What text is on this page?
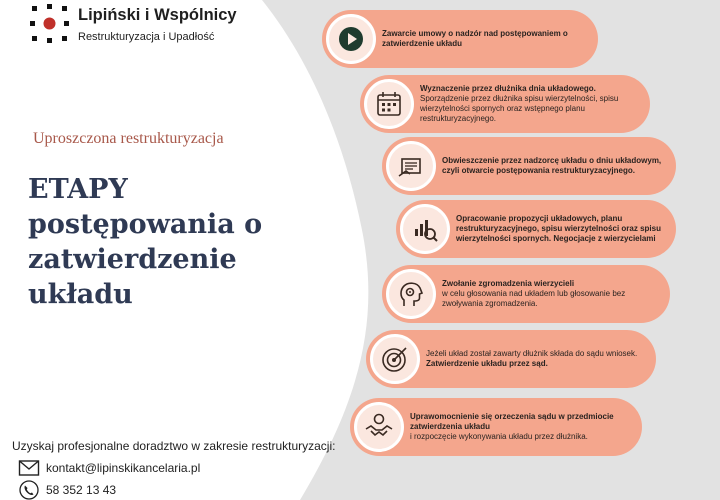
Lipiński i Wspólnicy
Restrukturyzacja i Upadłość
Uproszczona restrukturyzacja
ETAPY
postępowania o
zatwierdzenie
układu
Uzyskaj profesjonalne doradztwo w zakresie restrukturyzacji:
kontakt@lipinskikancelaria.pl
58 352 13 43
Zawarcie umowy o nadzór nad postępowaniem o zatwierdzenie układu
Wyznaczenie przez dłużnika dnia układowego.
Sporządzenie przez dłużnika spisu wierzytelności, spisu wierzytelności spornych oraz wstępnego planu restrukturyzacyjnego.
Obwieszczenie przez nadzorcę układu o dniu układowym, czyli otwarcie postępowania restrukturyzacyjnego.
Opracowanie propozycji układowych, planu restrukturyzacyjnego, spisu wierzytelności oraz spisu wierzytelności spornych. Negocjacje z wierzycielami
Zwołanie zgromadzenia wierzycieli
w celu głosowania nad układem lub głosowanie bez zwoływania zgromadzenia.
Jeżeli układ został zawarty dłużnik składa do sądu wniosek.
Zatwierdzenie układu przez sąd.
Uprawomocnienie się orzeczenia sądu w przedmiocie zatwierdzenia układu
i rozpoczęcie wykonywania układu przez dłużnika.
